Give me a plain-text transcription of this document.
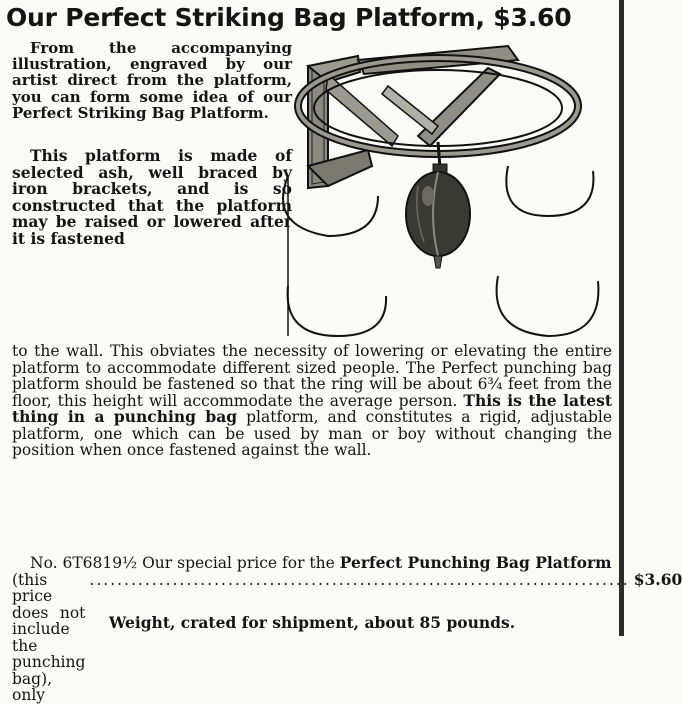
Our Perfect Striking Bag Platform, $3.60
From the accompanying illustration, engraved by our artist direct from the platform, you can form some idea of our Perfect Striking Bag Platform.
This platform is made of selected ash, well braced by iron brackets, and is so constructed that the platform may be raised or lowered after it is fastened
to the wall. This obviates the necessity of lowering or elevating the entire platform to accommodate different sized people. The Perfect punching bag platform should be fastened so that the ring will be about 6¾ feet from the floor, this height will accommodate the average person. This is the latest thing in a punching bag platform, and constitutes a rigid, adjustable platform, one which can be used by man or boy without changing the position when once fastened against the wall.
No. 6T6819½ Our special price for the Perfect Punching Bag Platform
(this price does not include the punching bag), only
.............................................................................. $3.60
Weight, crated for shipment, about 85 pounds.
